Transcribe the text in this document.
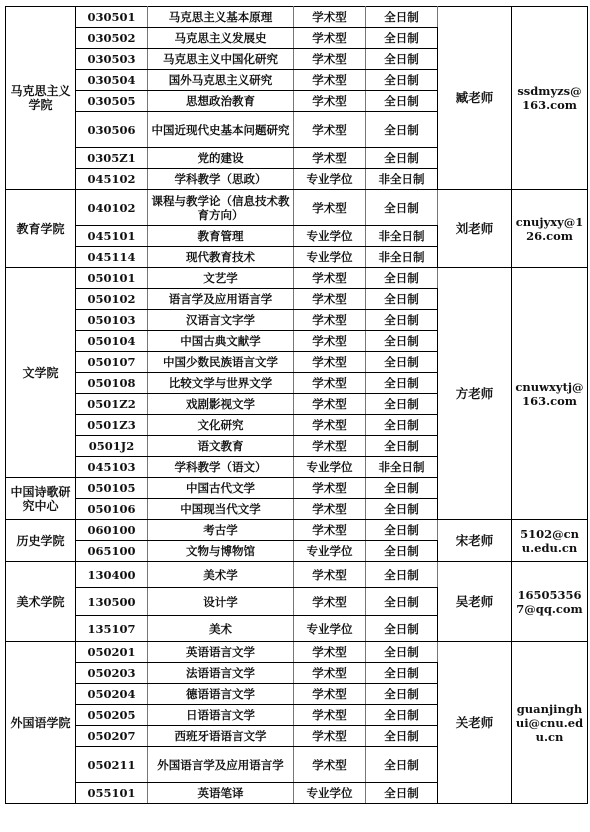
马克思主义学院	030501	马克思主义基本原理	学术型	全日制	臧老师	ssdmyzs@163.com
	030502	马克思主义发展史	学术型	全日制		
	030503	马克思主义中国化研究	学术型	全日制		
	030504	国外马克思主义研究	学术型	全日制		
	030505	思想政治教育	学术型	全日制		
	030506	中国近现代史基本问题研究	学术型	全日制		
	0305Z1	党的建设	学术型	全日制		
	045102	学科教学（思政）	专业学位	非全日制		
教育学院	040102	课程与教学论（信息技术教育方向）	学术型	全日制	刘老师	cnujyxy@126.com
	045101	教育管理	专业学位	非全日制		
	045114	现代教育技术	专业学位	非全日制		
文学院	050101	文艺学	学术型	全日制	方老师	cnuwxytj@163.com
	050102	语言学及应用语言学	学术型	全日制		
	050103	汉语言文字学	学术型	全日制		
	050104	中国古典文献学	学术型	全日制		
	050107	中国少数民族语言文学	学术型	全日制		
	050108	比较文学与世界文学	学术型	全日制		
	0501Z2	戏剧影视文学	学术型	全日制		
	0501Z3	文化研究	学术型	全日制		
	0501J2	语文教育	学术型	全日制		
	045103	学科教学（语文）	专业学位	非全日制		
中国诗歌研究中心	050105	中国古代文学	学术型	全日制		
	050106	中国现当代文学	学术型	全日制		
历史学院	060100	考古学	学术型	全日制	宋老师	5102@cnu.edu.cn
	065100	文物与博物馆	专业学位	全日制		
美术学院	130400	美术学	学术型	全日制	吴老师	165053567@qq.com
	130500	设计学	学术型	全日制		
	135107	美术	专业学位	全日制		
外国语学院	050201	英语语言文学	学术型	全日制	关老师	guanjinghui@cnu.edu.cn
	050203	法语语言文学	学术型	全日制		
	050204	德语语言文学	学术型	全日制		
	050205	日语语言文学	学术型	全日制		
	050207	西班牙语语言文学	学术型	全日制		
	050211	外国语言学及应用语言学	学术型	全日制		
	055101	英语笔译	专业学位	全日制		
